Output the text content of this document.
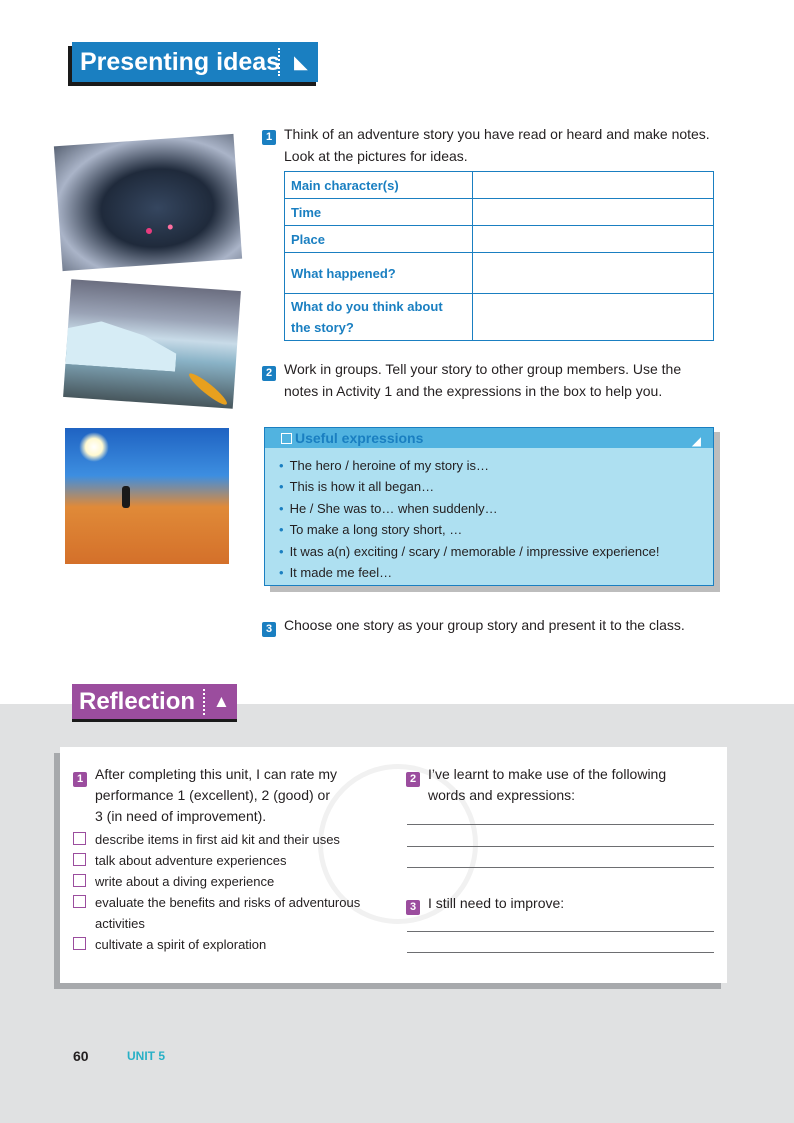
Presenting ideas ◣
1 Think of an adventure story you have read or heard and make notes.
Look at the pictures for ideas.
Main character(s)	
Time	
Place	
What happened?	
What do you think about the story?	
2 Work in groups. Tell your story to other group members. Use the
notes in Activity 1 and the expressions in the box to help you.
Useful expressions	◢
• The hero / heroine of my story is…
• This is how it all began…
• He / She was to… when suddenly…
• To make a long story short, …
• It was a(n) exciting / scary / memorable / impressive experience!
• It made me feel…
3 Choose one story as your group story and present it to the class.
Reflection ▲
1 After completing this unit, I can rate my
performance 1 (excellent), 2 (good) or
3 (in need of improvement).
describe items in first aid kit and their uses
talk about adventure experiences
write about a diving experience
evaluate the benefits and risks of adventurous
activities
cultivate a spirit of exploration
2 I’ve learnt to make use of the following
words and expressions:
3 I still need to improve:
60	UNIT 5
